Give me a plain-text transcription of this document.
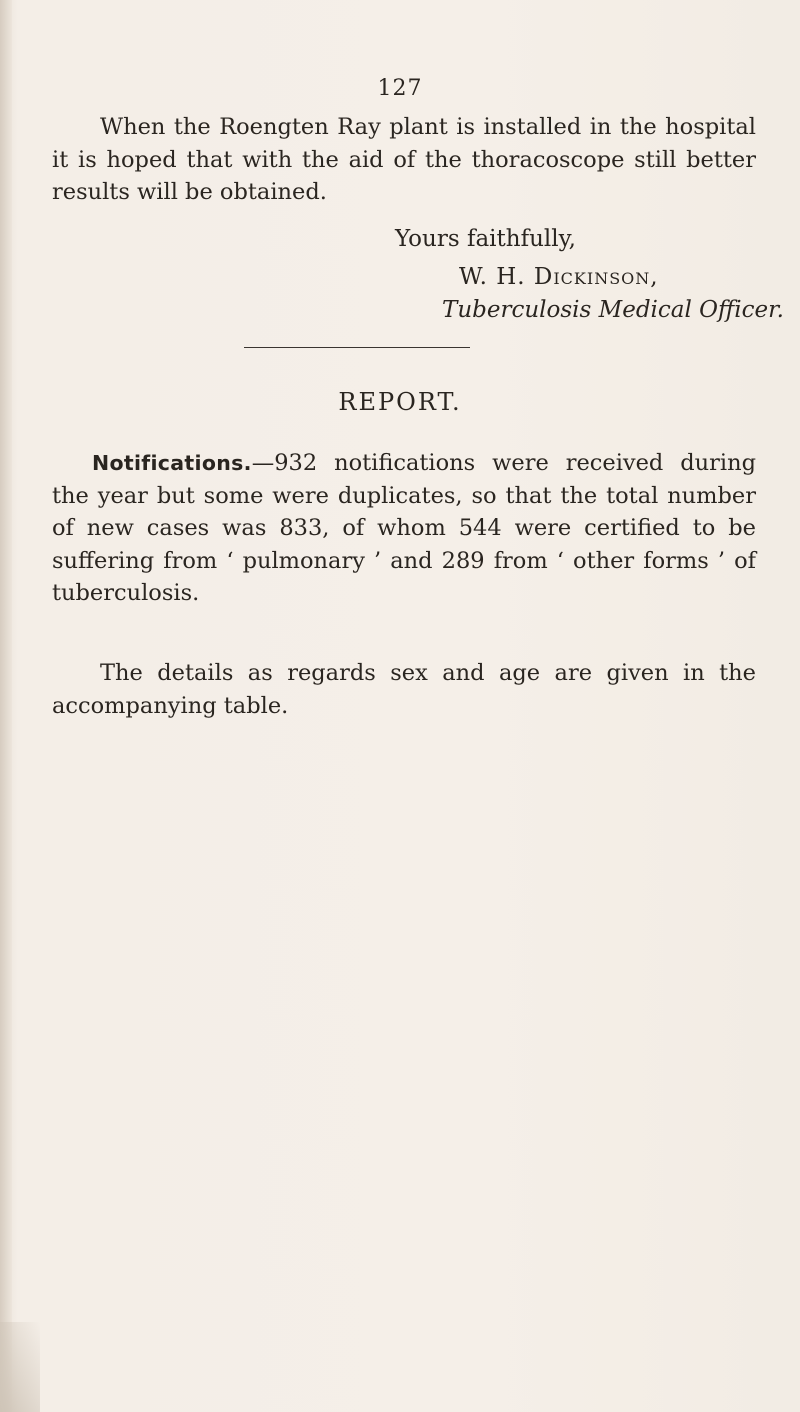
127

When the Roengten Ray plant is installed in the hospital it is hoped that with the aid of the thoracoscope still better results will be obtained.

Yours faithfully,
W. H. Dickinson,
Tuberculosis Medical Officer.
REPORT.

Notifications.—932 notifications were received during the year but some were duplicates, so that the total number of new cases was 833, of whom 544 were certified to be suffering from ‘ pulmonary ’ and 289 from ‘ other forms ’ of tuberculosis.

The details as regards sex and age are given in the accompanying table.
